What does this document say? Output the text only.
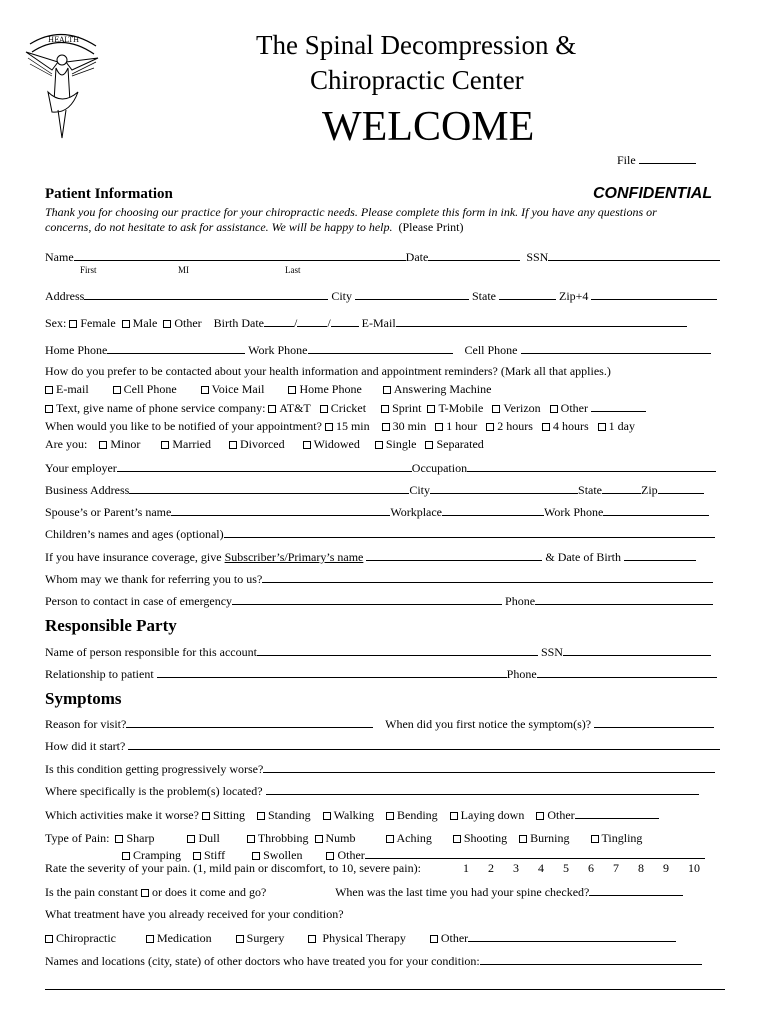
HEALTH	The Spinal Decompression &
Chiropractic Center
WELCOME
File
Patient Information	CONFIDENTIAL
Thank you for choosing our practice for your chiropractic needs. Please complete this form in ink. If you have any questions or
concerns, do not hesitate to ask for assistance. We will be happy to help. (Please Print)
Name	Date	SSN
First	MI	Last
Address	City	State	Zip+4
Sex: Female Male Other Birth Date	/	/	E-Mail
Home Phone	Work Phone	Cell Phone
How do you prefer to be contacted about your health information and appointment reminders? (Mark all that applies.)
E-mail	Cell Phone	Voice Mail	Home Phone	Answering Machine
Text, give name of phone service company: AT&T Cricket Sprint T-Mobile Verizon Other
When would you like to be notified of your appointment? 15 min 30 min 1 hour 2 hours 4 hours 1 day
Are you: Minor	Married Divorced Widowed Single Separated
Your employer	Occupation
Business Address	City	State	Zip
Spouse’s or Parent’s name	Workplace	Work Phone
Children’s names and ages (optional)
If you have insurance coverage, give Subscriber’s/Primary’s name	& Date of Birth
Whom may we thank for referring you to us?
Person to contact in case of emergency	Phone
Responsible Party
Name of person responsible for this account	SSN
Relationship to patient	Phone
Symptoms
Reason for visit?	When did you first notice the symptom(s)?
How did it start?
Is this condition getting progressively worse?
Where specifically is the problem(s) located?
Which activities make it worse? Sitting Standing Walking Bending Laying down Other
Type of Pain: Sharp	Dull	Throbbing Numb	Aching	Shooting Burning	Tingling
Cramping Stiff	Swollen	Other
Rate the severity of your pain. (1, mild pain or discomfort, to 10, severe pain):	1 2 3 4 5 6 7 8 9 10
Is the pain constant or does it come and go?	When was the last time you had your spine checked?
What treatment have you already received for your condition?
Chiropractic	Medication	Surgery	Physical Therapy	Other
Names and locations (city, state) of other doctors who have treated you for your condition:
